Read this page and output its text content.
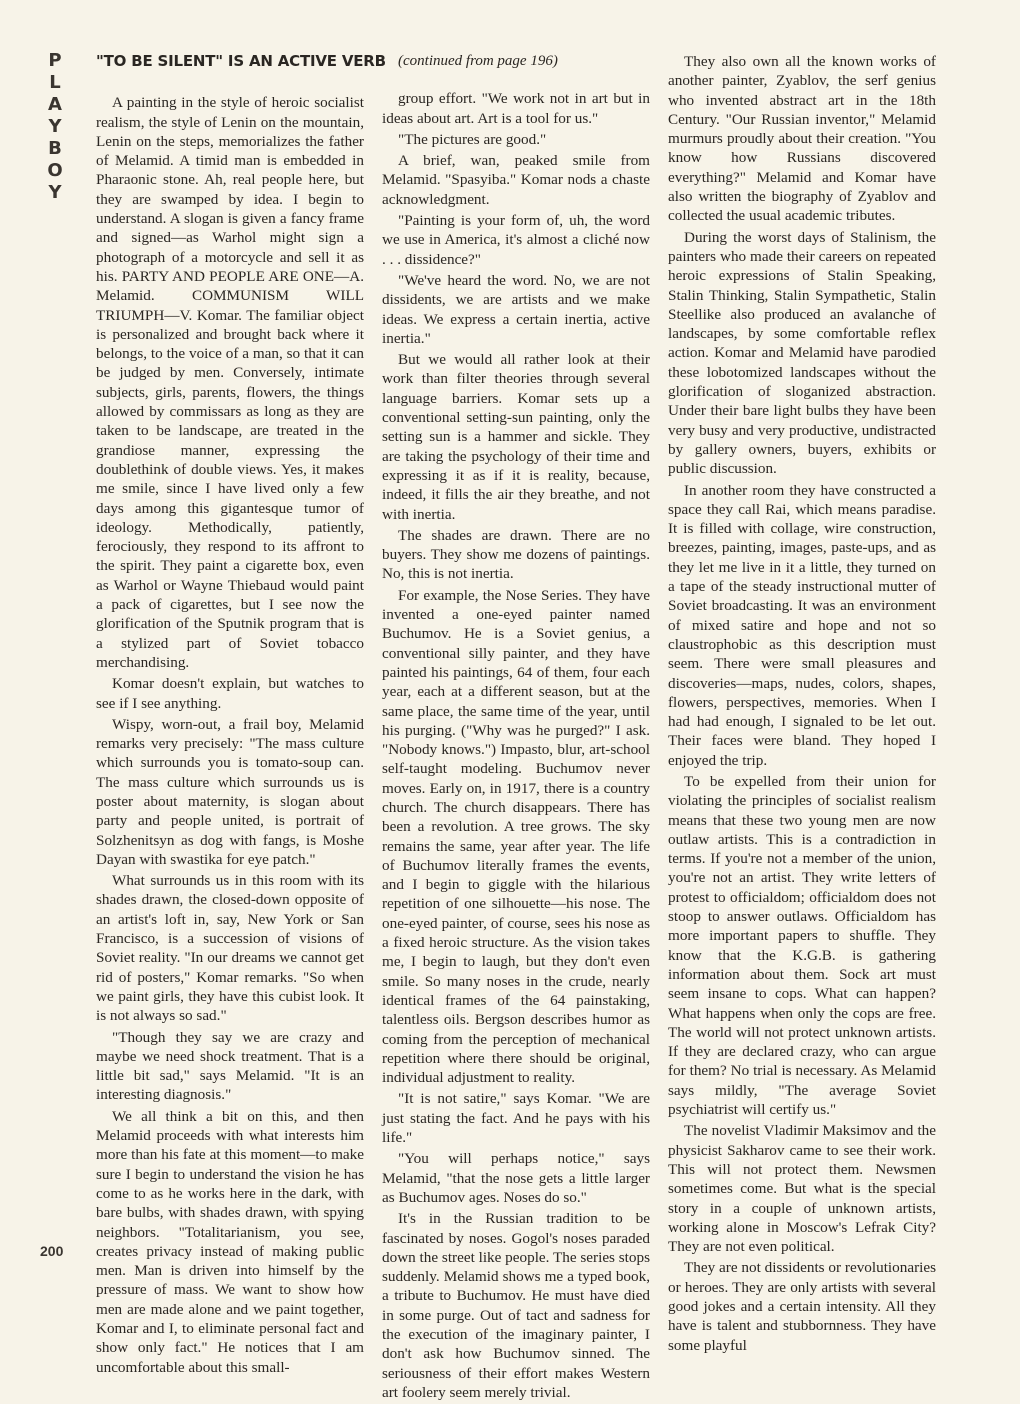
P
L
A
Y
B
O
Y
200
"TO BE SILENT" IS AN ACTIVE VERB

A painting in the style of heroic socialist realism, the style of Lenin on the mountain, Lenin on the steps, memorializes the father of Melamid. A timid man is embedded in Pharaonic stone. Ah, real people here, but they are swamped by idea. I begin to understand. A slogan is given a fancy frame and signed—as Warhol might sign a photograph of a motorcycle and sell it as his. PARTY AND PEOPLE ARE ONE—A. Melamid. COMMUNISM WILL TRIUMPH—V. Komar. The familiar object is personalized and brought back where it belongs, to the voice of a man, so that it can be judged by men. Conversely, intimate subjects, girls, parents, flowers, the things allowed by commissars as long as they are taken to be landscape, are treated in the grandiose manner, expressing the doublethink of double views. Yes, it makes me smile, since I have lived only a few days among this gigantesque tumor of ideology. Methodically, patiently, ferociously, they respond to its affront to the spirit. They paint a cigarette box, even as Warhol or Wayne Thiebaud would paint a pack of cigarettes, but I see now the glorification of the Sputnik program that is a stylized part of Soviet tobacco merchandising.

Komar doesn't explain, but watches to see if I see anything.

Wispy, worn-out, a frail boy, Melamid remarks very precisely: "The mass culture which surrounds you is tomato-soup can. The mass culture which surrounds us is poster about maternity, is slogan about party and people united, is portrait of Solzhenitsyn as dog with fangs, is Moshe Dayan with swastika for eye patch."

What surrounds us in this room with its shades drawn, the closed-down opposite of an artist's loft in, say, New York or San Francisco, is a succession of visions of Soviet reality. "In our dreams we cannot get rid of posters," Komar remarks. "So when we paint girls, they have this cubist look. It is not always so sad."

"Though they say we are crazy and maybe we need shock treatment. That is a little bit sad," says Melamid. "It is an interesting diagnosis."

We all think a bit on this, and then Melamid proceeds with what interests him more than his fate at this moment—to make sure I begin to understand the vision he has come to as he works here in the dark, with bare bulbs, with shades drawn, with spying neighbors. "Totalitarianism, you see, creates privacy instead of making public men. Man is driven into himself by the pressure of mass. We want to show how men are made alone and we paint together, Komar and I, to eliminate personal fact and show only fact." He notices that I am uncomfortable about this small-

(continued from page 196)

group effort. "We work not in art but in ideas about art. Art is a tool for us."

"The pictures are good."

A brief, wan, peaked smile from Melamid. "Spasyiba." Komar nods a chaste acknowledgment.

"Painting is your form of, uh, the word we use in America, it's almost a cliché now . . . dissidence?"

"We've heard the word. No, we are not dissidents, we are artists and we make ideas. We express a certain inertia, active inertia."

But we would all rather look at their work than filter theories through several language barriers. Komar sets up a conventional setting-sun painting, only the setting sun is a hammer and sickle. They are taking the psychology of their time and expressing it as if it is reality, because, indeed, it fills the air they breathe, and not with inertia.

The shades are drawn. There are no buyers. They show me dozens of paintings. No, this is not inertia.

For example, the Nose Series. They have invented a one-eyed painter named Buchumov. He is a Soviet genius, a conventional silly painter, and they have painted his paintings, 64 of them, four each year, each at a different season, but at the same place, the same time of the year, until his purging. ("Why was he purged?" I ask. "Nobody knows.") Impasto, blur, art-school self-taught modeling. Buchumov never moves. Early on, in 1917, there is a country church. The church disappears. There has been a revolution. A tree grows. The sky remains the same, year after year. The life of Buchumov literally frames the events, and I begin to giggle with the hilarious repetition of one silhouette—his nose. The one-eyed painter, of course, sees his nose as a fixed heroic structure. As the vision takes me, I begin to laugh, but they don't even smile. So many noses in the crude, nearly identical frames of the 64 painstaking, talentless oils. Bergson describes humor as coming from the perception of mechanical repetition where there should be original, individual adjustment to reality.

"It is not satire," says Komar. "We are just stating the fact. And he pays with his life."

"You will perhaps notice," says Melamid, "that the nose gets a little larger as Buchumov ages. Noses do so."

It's in the Russian tradition to be fascinated by noses. Gogol's noses paraded down the street like people. The series stops suddenly. Melamid shows me a typed book, a tribute to Buchumov. He must have died in some purge. Out of tact and sadness for the execution of the imaginary painter, I don't ask how Buchumov sinned. The seriousness of their effort makes Western art foolery seem merely trivial.

They also own all the known works of another painter, Zyablov, the serf genius who invented abstract art in the 18th Century. "Our Russian inventor," Melamid murmurs proudly about their creation. "You know how Russians discovered everything?" Melamid and Komar have also written the biography of Zyablov and collected the usual academic tributes.

During the worst days of Stalinism, the painters who made their careers on repeated heroic expressions of Stalin Speaking, Stalin Thinking, Stalin Sympathetic, Stalin Steellike also produced an avalanche of landscapes, by some comfortable reflex action. Komar and Melamid have parodied these lobotomized landscapes without the glorification of sloganized abstraction. Under their bare light bulbs they have been very busy and very productive, undistracted by gallery owners, buyers, exhibits or public discussion.

In another room they have constructed a space they call Rai, which means paradise. It is filled with collage, wire construction, breezes, painting, images, paste-ups, and as they let me live in it a little, they turned on a tape of the steady instructional mutter of Soviet broadcasting. It was an environment of mixed satire and hope and not so claustrophobic as this description must seem. There were small pleasures and discoveries—maps, nudes, colors, shapes, flowers, perspectives, memories. When I had had enough, I signaled to be let out. Their faces were bland. They hoped I enjoyed the trip.

To be expelled from their union for violating the principles of socialist realism means that these two young men are now outlaw artists. This is a contradiction in terms. If you're not a member of the union, you're not an artist. They write letters of protest to officialdom; officialdom does not stoop to answer outlaws. Officialdom has more important papers to shuffle. They know that the K.G.B. is gathering information about them. Sock art must seem insane to cops. What can happen? What happens when only the cops are free. The world will not protect unknown artists. If they are declared crazy, who can argue for them? No trial is necessary. As Melamid says mildly, "The average Soviet psychiatrist will certify us."

The novelist Vladimir Maksimov and the physicist Sakharov came to see their work. This will not protect them. Newsmen sometimes come. But what is the special story in a couple of unknown artists, working alone in Moscow's Lefrak City? They are not even political.

They are not dissidents or revolutionaries or heroes. They are only artists with several good jokes and a certain intensity. All they have is talent and stubbornness. They have some playful
